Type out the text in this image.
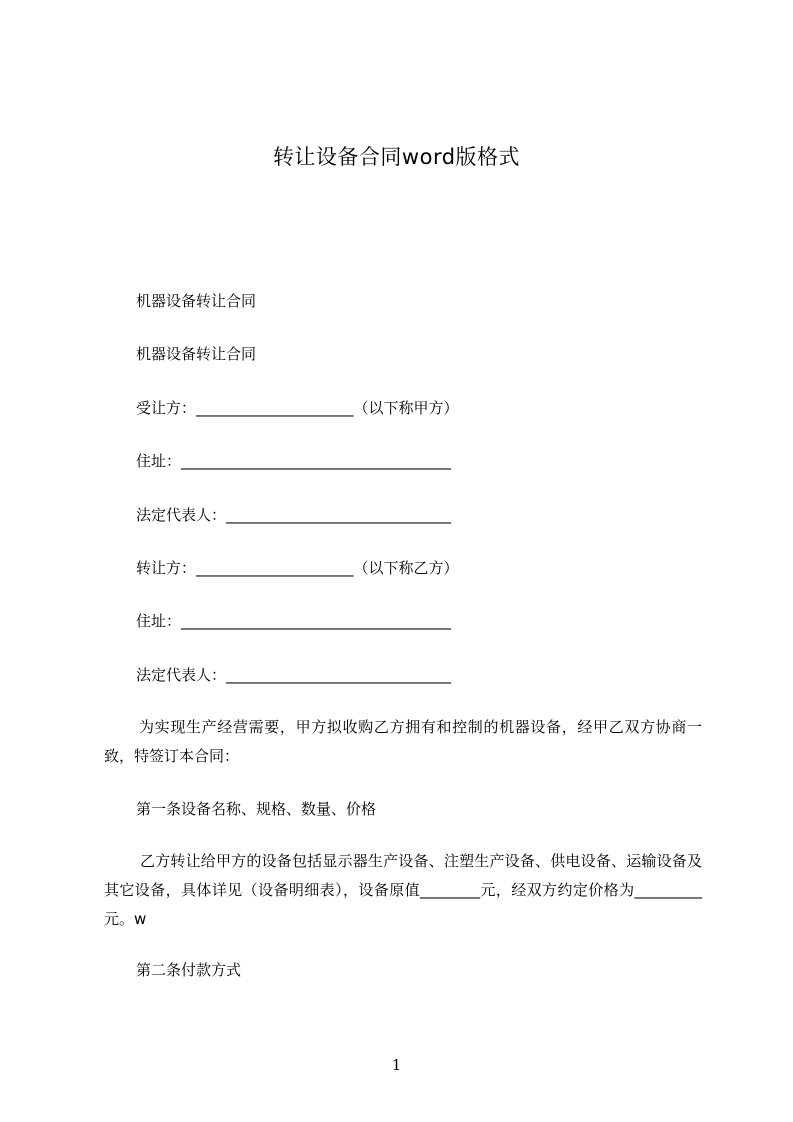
转让设备合同word版格式
机器设备转让合同
机器设备转让合同
受让方：_____________________（以下称甲方）
住址：____________________________________
法定代表人：______________________________
转让方：_____________________（以下称乙方）
住址：____________________________________
法定代表人：______________________________
为实现生产经营需要，甲方拟收购乙方拥有和控制的机器设备，经甲乙双方协商一致，特签订本合同：
第一条设备名称、规格、数量、价格
乙方转让给甲方的设备包括显示器生产设备、注塑生产设备、供电设备、运输设备及其它设备，具体详见（设备明细表），设备原值________元，经双方约定价格为_________元。w
第二条付款方式
1
